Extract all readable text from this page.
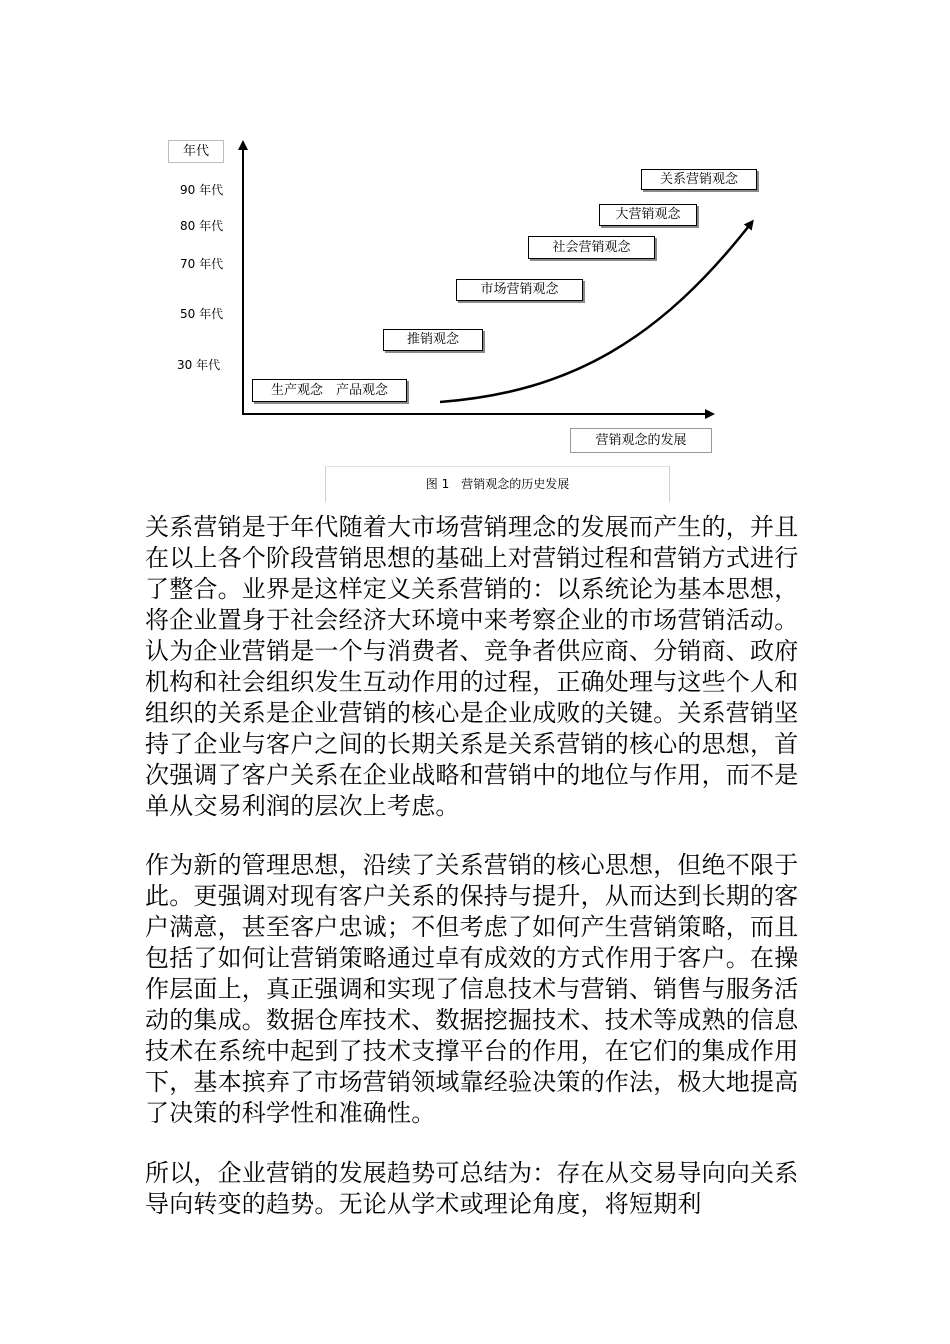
年代
90 年代
80 年代
70 年代
50 年代
30 年代
生产观念　产品观念
推销观念
市场营销观念
社会营销观念
大营销观念
关系营销观念
营销观念的发展
图 1　营销观念的历史发展

关系营销是于年代随着大市场营销理念的发展而产生的，并且在以上各个阶段营销思想的基础上对营销过程和营销方式进行了整合。业界是这样定义关系营销的：以系统论为基本思想，将企业置身于社会经济大环境中来考察企业的市场营销活动。认为企业营销是一个与消费者、竞争者供应商、分销商、政府机构和社会组织发生互动作用的过程，正确处理与这些个人和组织的关系是企业营销的核心是企业成败的关键。关系营销坚持了企业与客户之间的长期关系是关系营销的核心的思想，首次强调了客户关系在企业战略和营销中的地位与作用，而不是单从交易利润的层次上考虑。

作为新的管理思想，沿续了关系营销的核心思想，但绝不限于此。更强调对现有客户关系的保持与提升，从而达到长期的客户满意，甚至客户忠诚；不但考虑了如何产生营销策略，而且包括了如何让营销策略通过卓有成效的方式作用于客户。在操作层面上，真正强调和实现了信息技术与营销、销售与服务活动的集成。数据仓库技术、数据挖掘技术、技术等成熟的信息技术在系统中起到了技术支撑平台的作用，在它们的集成作用下，基本摈弃了市场营销领域靠经验决策的作法，极大地提高了决策的科学性和准确性。

所以，企业营销的发展趋势可总结为：存在从交易导向向关系导向转变的趋势。无论从学术或理论角度，将短期利
